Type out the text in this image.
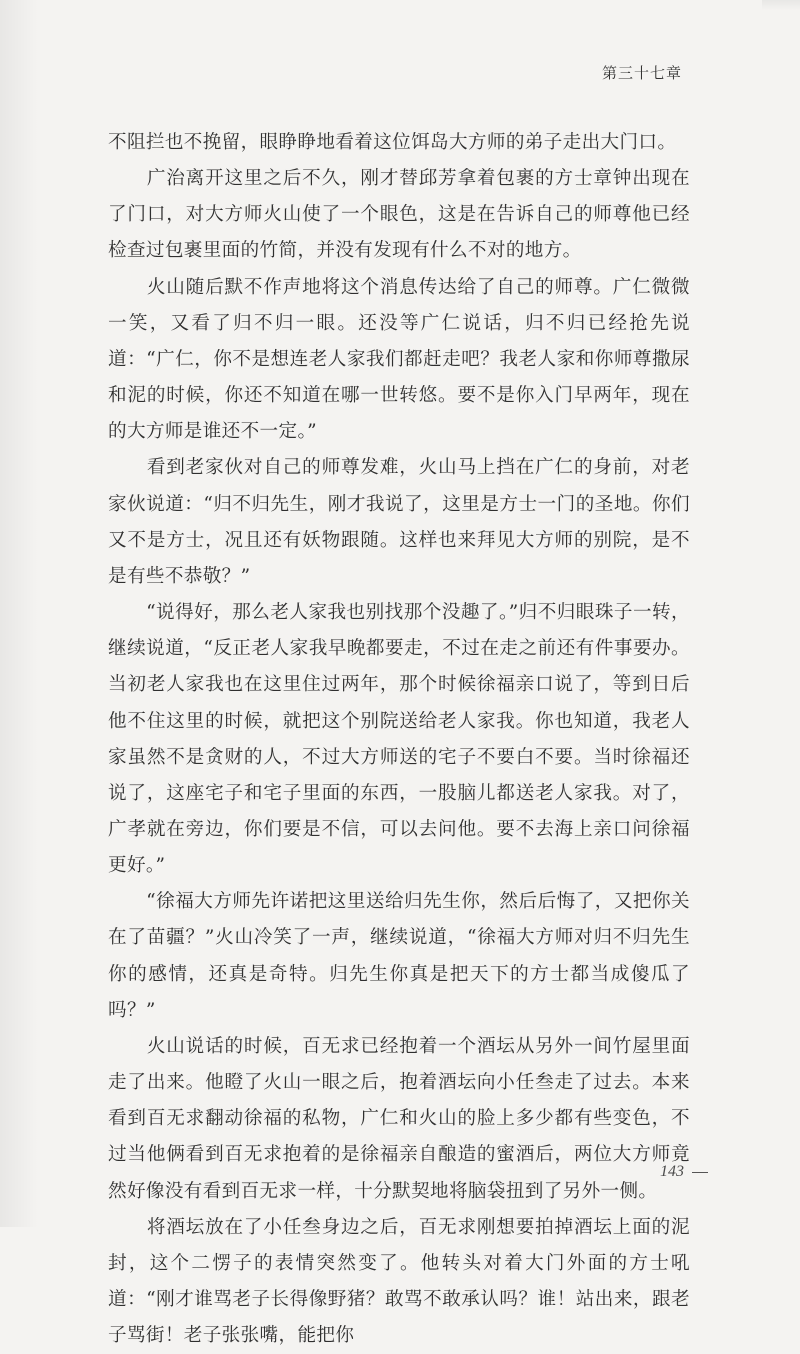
第三十七章

不阻拦也不挽留，眼睁睁地看着这位饵岛大方师的弟子走出大门口。

　　广治离开这里之后不久，刚才替邱芳拿着包裹的方士章钟出现在了门口，对大方师火山使了一个眼色，这是在告诉自己的师尊他已经检查过包裹里面的竹简，并没有发现有什么不对的地方。

　　火山随后默不作声地将这个消息传达给了自己的师尊。广仁微微一笑，又看了归不归一眼。还没等广仁说话，归不归已经抢先说道：“广仁，你不是想连老人家我们都赶走吧？我老人家和你师尊撒尿和泥的时候，你还不知道在哪一世转悠。要不是你入门早两年，现在的大方师是谁还不一定。”

　　看到老家伙对自己的师尊发难，火山马上挡在广仁的身前，对老家伙说道：“归不归先生，刚才我说了，这里是方士一门的圣地。你们又不是方士，况且还有妖物跟随。这样也来拜见大方师的别院，是不是有些不恭敬？”

　　“说得好，那么老人家我也别找那个没趣了。”归不归眼珠子一转，继续说道，“反正老人家我早晚都要走，不过在走之前还有件事要办。当初老人家我也在这里住过两年，那个时候徐福亲口说了，等到日后他不住这里的时候，就把这个别院送给老人家我。你也知道，我老人家虽然不是贪财的人，不过大方师送的宅子不要白不要。当时徐福还说了，这座宅子和宅子里面的东西，一股脑儿都送老人家我。对了，广孝就在旁边，你们要是不信，可以去问他。要不去海上亲口问徐福更好。”

　　“徐福大方师先许诺把这里送给归先生你，然后后悔了，又把你关在了苗疆？”火山冷笑了一声，继续说道，“徐福大方师对归不归先生你的感情，还真是奇特。归先生你真是把天下的方士都当成傻瓜了吗？”

　　火山说话的时候，百无求已经抱着一个酒坛从另外一间竹屋里面走了出来。他瞪了火山一眼之后，抱着酒坛向小任叁走了过去。本来看到百无求翻动徐福的私物，广仁和火山的脸上多少都有些变色，不过当他俩看到百无求抱着的是徐福亲自酿造的蜜酒后，两位大方师竟然好像没有看到百无求一样，十分默契地将脑袋扭到了另外一侧。

　　将酒坛放在了小任叁身边之后，百无求刚想要拍掉酒坛上面的泥封，这个二愣子的表情突然变了。他转头对着大门外面的方士吼道：“刚才谁骂老子长得像野猪？敢骂不敢承认吗？谁！站出来，跟老子骂街！老子张张嘴，能把你

143
